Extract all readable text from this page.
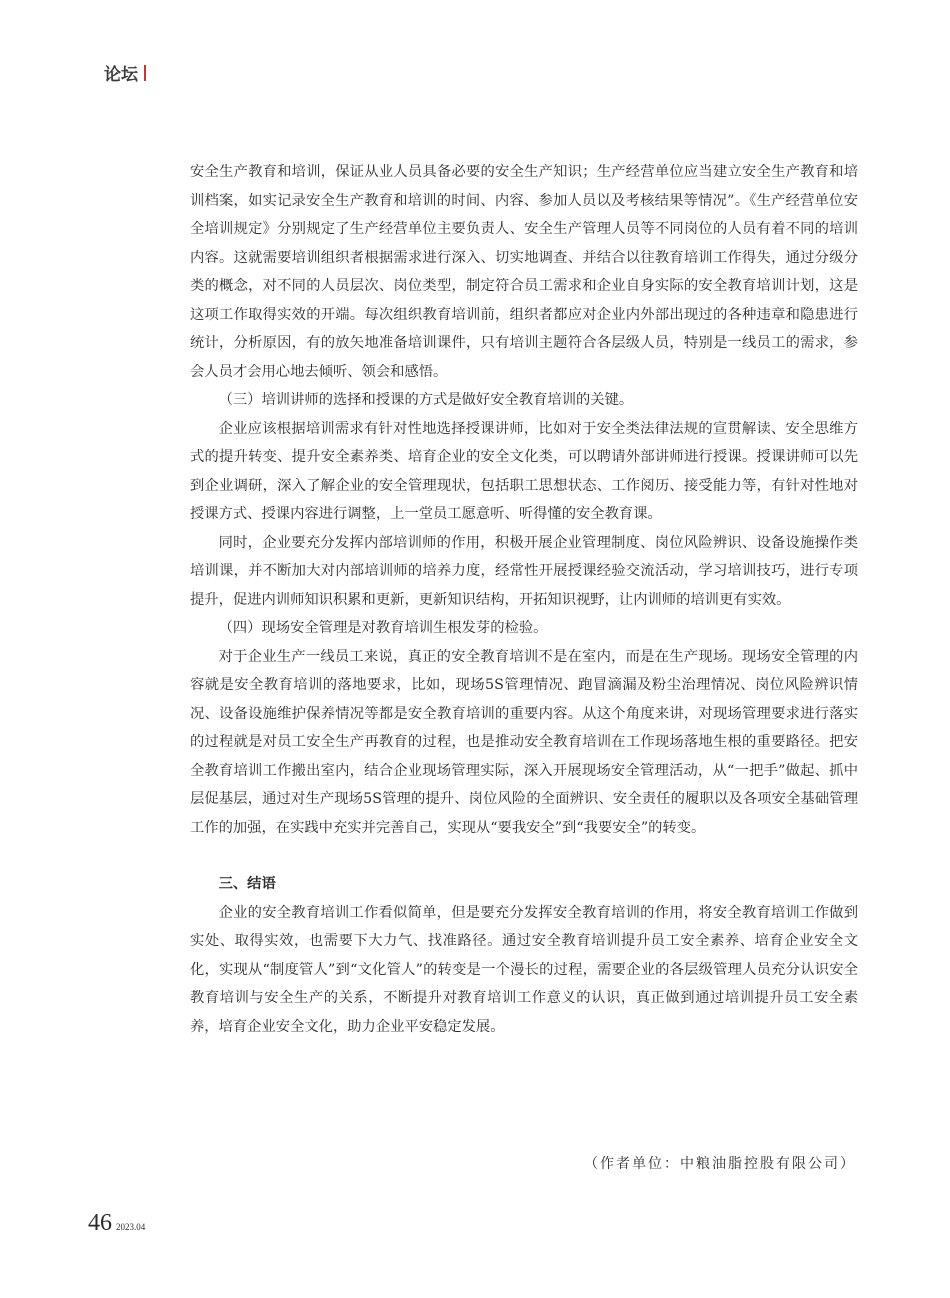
论坛

安全生产教育和培训，保证从业人员具备必要的安全生产知识；生产经营单位应当建立安全生产教育和培训档案，如实记录安全生产教育和培训的时间、内容、参加人员以及考核结果等情况”。《生产经营单位安全培训规定》分别规定了生产经营单位主要负责人、安全生产管理人员等不同岗位的人员有着不同的培训内容。这就需要培训组织者根据需求进行深入、切实地调查、并结合以往教育培训工作得失，通过分级分类的概念，对不同的人员层次、岗位类型，制定符合员工需求和企业自身实际的安全教育培训计划，这是这项工作取得实效的开端。每次组织教育培训前，组织者都应对企业内外部出现过的各种违章和隐患进行统计，分析原因，有的放矢地准备培训课件，只有培训主题符合各层级人员，特别是一线员工的需求，参会人员才会用心地去倾听、领会和感悟。

（三）培训讲师的选择和授课的方式是做好安全教育培训的关键。

企业应该根据培训需求有针对性地选择授课讲师，比如对于安全类法律法规的宣贯解读、安全思维方式的提升转变、提升安全素养类、培育企业的安全文化类，可以聘请外部讲师进行授课。授课讲师可以先到企业调研，深入了解企业的安全管理现状，包括职工思想状态、工作阅历、接受能力等，有针对性地对授课方式、授课内容进行调整，上一堂员工愿意听、听得懂的安全教育课。

同时，企业要充分发挥内部培训师的作用，积极开展企业管理制度、岗位风险辨识、设备设施操作类培训课，并不断加大对内部培训师的培养力度，经常性开展授课经验交流活动，学习培训技巧，进行专项提升，促进内训师知识积累和更新，更新知识结构，开拓知识视野，让内训师的培训更有实效。

（四）现场安全管理是对教育培训生根发芽的检验。

对于企业生产一线员工来说，真正的安全教育培训不是在室内，而是在生产现场。现场安全管理的内容就是安全教育培训的落地要求，比如，现场5S管理情况、跑冒滴漏及粉尘治理情况、岗位风险辨识情况、设备设施维护保养情况等都是安全教育培训的重要内容。从这个角度来讲，对现场管理要求进行落实的过程就是对员工安全生产再教育的过程，也是推动安全教育培训在工作现场落地生根的重要路径。把安全教育培训工作搬出室内，结合企业现场管理实际，深入开展现场安全管理活动，从“一把手”做起、抓中层促基层，通过对生产现场5S管理的提升、岗位风险的全面辨识、安全责任的履职以及各项安全基础管理工作的加强，在实践中充实并完善自己，实现从“要我安全”到“我要安全”的转变。

三、结语

企业的安全教育培训工作看似简单，但是要充分发挥安全教育培训的作用，将安全教育培训工作做到实处、取得实效，也需要下大力气、找准路径。通过安全教育培训提升员工安全素养、培育企业安全文化，实现从“制度管人”到“文化管人”的转变是一个漫长的过程，需要企业的各层级管理人员充分认识安全教育培训与安全生产的关系，不断提升对教育培训工作意义的认识，真正做到通过培训提升员工安全素养，培育企业安全文化，助力企业平安稳定发展。

（作者单位：中粮油脂控股有限公司）
46 2023.04
